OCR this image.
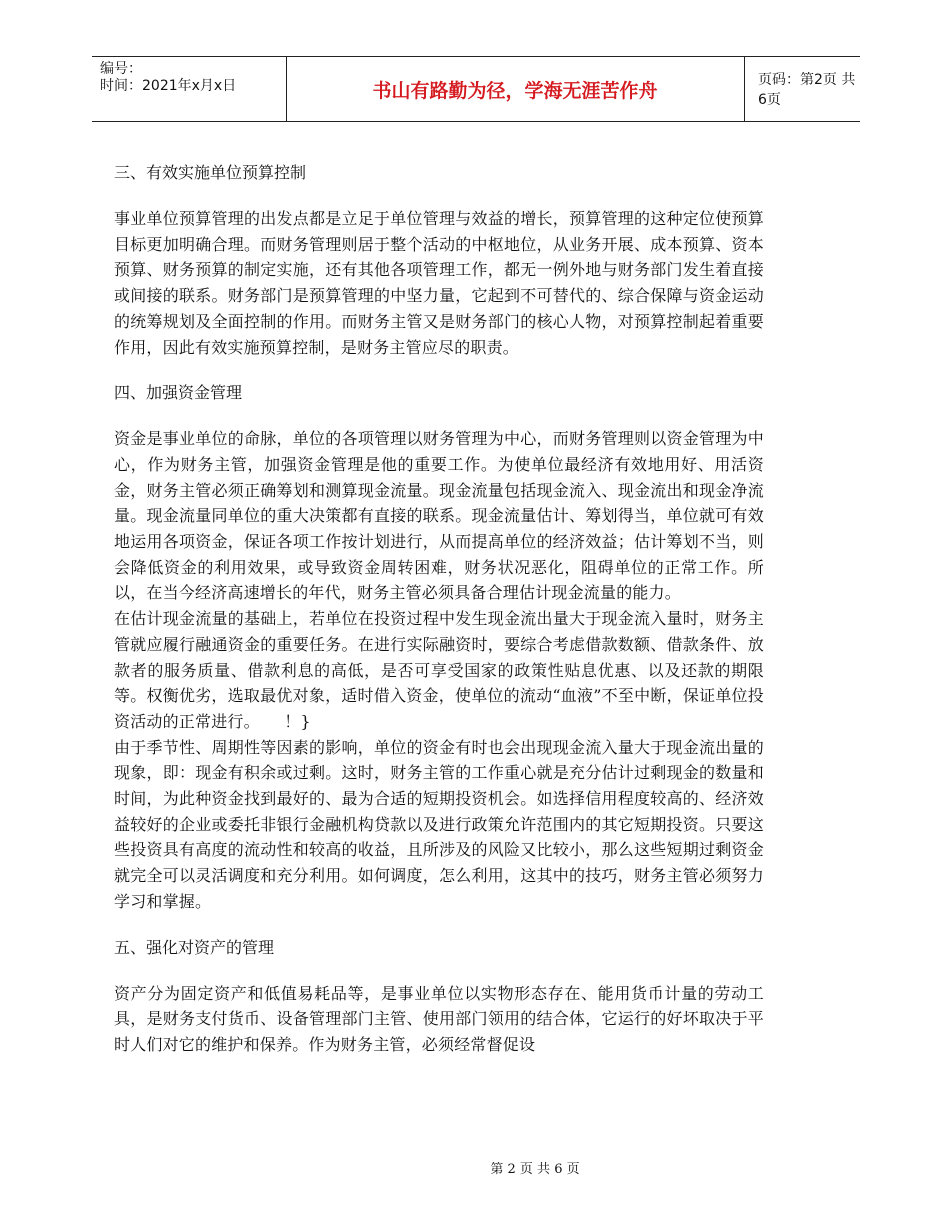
编号：
时间：2021年x月x日	书山有路勤为径，学海无涯苦作舟	页码：第2页 共6页
三、有效实施单位预算控制
事业单位预算管理的出发点都是立足于单位管理与效益的增长，预算管理的这种定位使预算目标更加明确合理。而财务管理则居于整个活动的中枢地位，从业务开展、成本预算、资本预算、财务预算的制定实施，还有其他各项管理工作，都无一例外地与财务部门发生着直接或间接的联系。财务部门是预算管理的中坚力量，它起到不可替代的、综合保障与资金运动的统筹规划及全面控制的作用。而财务主管又是财务部门的核心人物，对预算控制起着重要作用，因此有效实施预算控制，是财务主管应尽的职责。
四、加强资金管理
资金是事业单位的命脉，单位的各项管理以财务管理为中心，而财务管理则以资金管理为中心，作为财务主管，加强资金管理是他的重要工作。为使单位最经济有效地用好、用活资金，财务主管必须正确筹划和测算现金流量。现金流量包括现金流入、现金流出和现金净流量。现金流量同单位的重大决策都有直接的联系。现金流量估计、筹划得当，单位就可有效地运用各项资金，保证各项工作按计划进行，从而提高单位的经济效益；估计筹划不当，则会降低资金的利用效果，或导致资金周转困难，财务状况恶化，阻碍单位的正常工作。所以，在当今经济高速增长的年代，财务主管必须具备合理估计现金流量的能力。
在估计现金流量的基础上，若单位在投资过程中发生现金流出量大于现金流入量时，财务主管就应履行融通资金的重要任务。在进行实际融资时，要综合考虑借款数额、借款条件、放款者的服务质量、借款利息的高低，是否可享受国家的政策性贴息优惠、以及还款的期限等。权衡优劣，选取最优对象，适时借入资金，使单位的流动“血液”不至中断，保证单位投资活动的正常进行。　　！}
由于季节性、周期性等因素的影响，单位的资金有时也会出现现金流入量大于现金流出量的现象，即：现金有积余或过剩。这时，财务主管的工作重心就是充分估计过剩现金的数量和时间，为此种资金找到最好的、最为合适的短期投资机会。如选择信用程度较高的、经济效益较好的企业或委托非银行金融机构贷款以及进行政策允许范围内的其它短期投资。只要这些投资具有高度的流动性和较高的收益，且所涉及的风险又比较小，那么这些短期过剩资金就完全可以灵活调度和充分利用。如何调度，怎么利用，这其中的技巧，财务主管必须努力学习和掌握。
五、强化对资产的管理
资产分为固定资产和低值易耗品等，是事业单位以实物形态存在、能用货币计量的劳动工具，是财务支付货币、设备管理部门主管、使用部门领用的结合体，它运行的好坏取决于平时人们对它的维护和保养。作为财务主管，必须经常督促设
第 2 页 共 6 页
